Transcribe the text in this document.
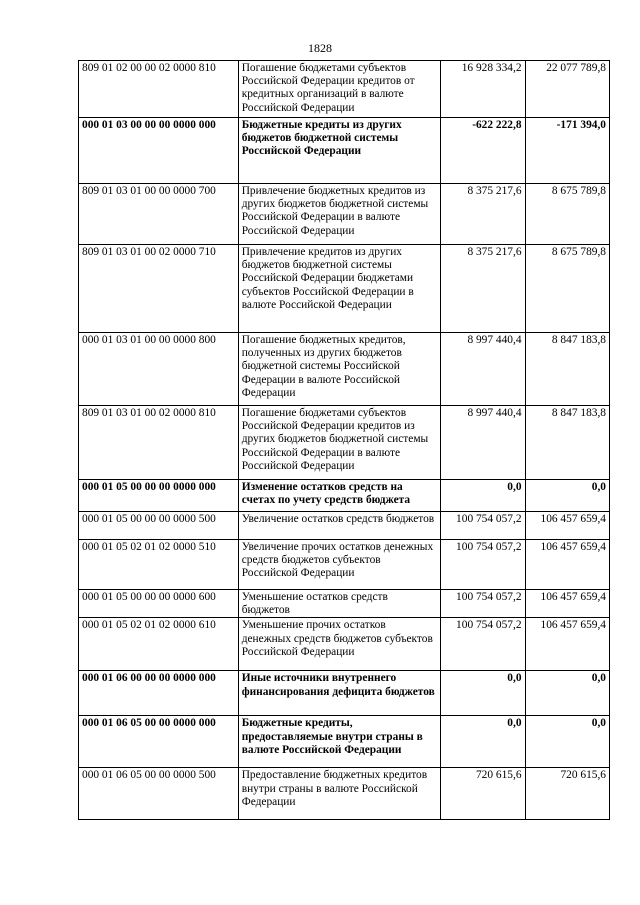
1828
809 01 02 00 00 02 0000 810	Погашение бюджетами субъектов Российской Федерации кредитов от кредитных организаций в валюте Российской Федерации	16 928 334,2	22 077 789,8
000 01 03 00 00 00 0000 000	Бюджетные кредиты из других бюджетов бюджетной системы Российской Федерации	-622 222,8	-171 394,0
809 01 03 01 00 00 0000 700	Привлечение бюджетных кредитов из других бюджетов бюджетной системы Российской Федерации в валюте Российской Федерации	8 375 217,6	8 675 789,8
809 01 03 01 00 02 0000 710	Привлечение кредитов из других бюджетов бюджетной системы Российской Федерации бюджетами субъектов Российской Федерации в валюте Российской Федерации	8 375 217,6	8 675 789,8
000 01 03 01 00 00 0000 800	Погашение бюджетных кредитов, полученных из других бюджетов бюджетной системы Российской Федерации в валюте Российской Федерации	8 997 440,4	8 847 183,8
809 01 03 01 00 02 0000 810	Погашение бюджетами субъектов Российской Федерации кредитов из других бюджетов бюджетной системы Российской Федерации в валюте Российской Федерации	8 997 440,4	8 847 183,8
000 01 05 00 00 00 0000 000	Изменение остатков средств на счетах по учету средств бюджета	0,0	0,0
000 01 05 00 00 00 0000 500	Увеличение остатков средств бюджетов	100 754 057,2	106 457 659,4
000 01 05 02 01 02 0000 510	Увеличение прочих остатков денежных средств бюджетов субъектов Российской Федерации	100 754 057,2	106 457 659,4
000 01 05 00 00 00 0000 600	Уменьшение остатков средств бюджетов	100 754 057,2	106 457 659,4
000 01 05 02 01 02 0000 610	Уменьшение прочих остатков денежных средств бюджетов субъектов Российской Федерации	100 754 057,2	106 457 659,4
000 01 06 00 00 00 0000 000	Иные источники внутреннего финансирования дефицита бюджетов	0,0	0,0
000 01 06 05 00 00 0000 000	Бюджетные кредиты, предоставляемые внутри страны в валюте Российской Федерации	0,0	0,0
000 01 06 05 00 00 0000 500	Предоставление бюджетных кредитов внутри страны в валюте Российской Федерации	720 615,6	720 615,6
